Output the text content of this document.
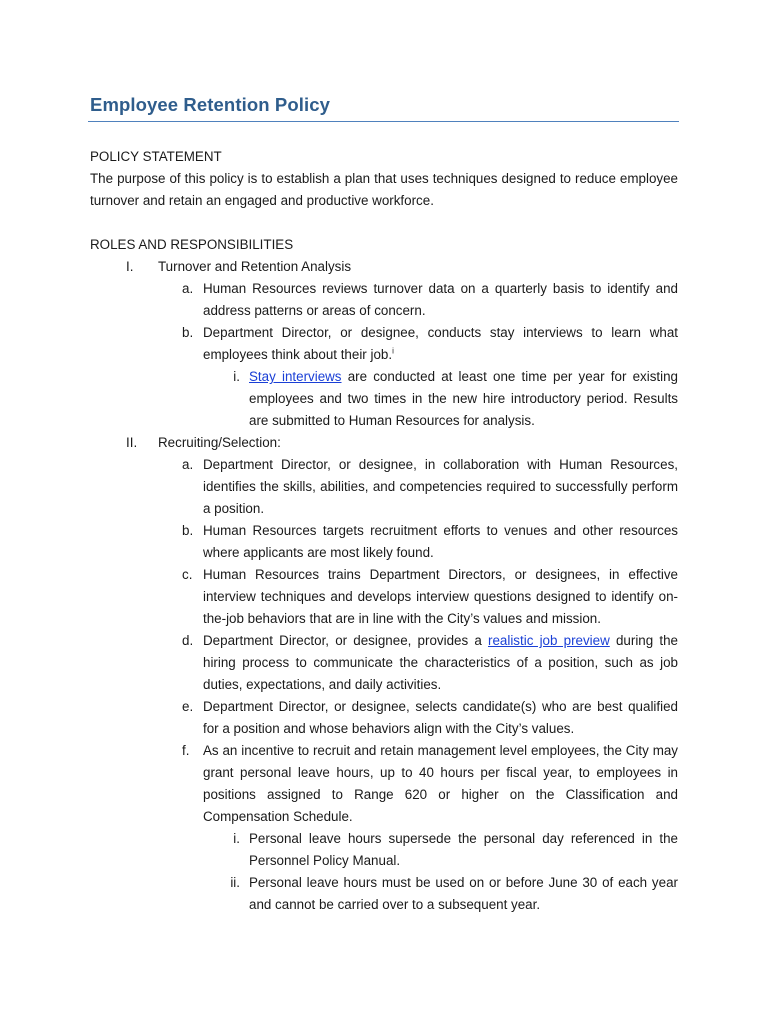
Employee Retention Policy

POLICY STATEMENT

The purpose of this policy is to establish a plan that uses techniques designed to reduce employee turnover and retain an engaged and productive workforce.

ROLES AND RESPONSIBILITIES

I. Turnover and Retention Analysis
a. Human Resources reviews turnover data on a quarterly basis to identify and address patterns or areas of concern.
b. Department Director, or designee, conducts stay interviews to learn what employees think about their job.$^i$
i. Stay interviews are conducted at least one time per year for existing employees and two times in the new hire introductory period. Results are submitted to Human Resources for analysis.
II. Recruiting/Selection:
a. Department Director, or designee, in collaboration with Human Resources, identifies the skills, abilities, and competencies required to successfully perform a position.
b. Human Resources targets recruitment efforts to venues and other resources where applicants are most likely found.
c. Human Resources trains Department Directors, or designees, in effective interview techniques and develops interview questions designed to identify on-the-job behaviors that are in line with the City’s values and mission.
d. Department Director, or designee, provides a realistic job preview during the hiring process to communicate the characteristics of a position, such as job duties, expectations, and daily activities.
e. Department Director, or designee, selects candidate(s) who are best qualified for a position and whose behaviors align with the City’s values.
f. As an incentive to recruit and retain management level employees, the City may grant personal leave hours, up to 40 hours per fiscal year, to employees in positions assigned to Range 620 or higher on the Classification and Compensation Schedule.
i. Personal leave hours supersede the personal day referenced in the Personnel Policy Manual.
ii. Personal leave hours must be used on or before June 30 of each year and cannot be carried over to a subsequent year.
